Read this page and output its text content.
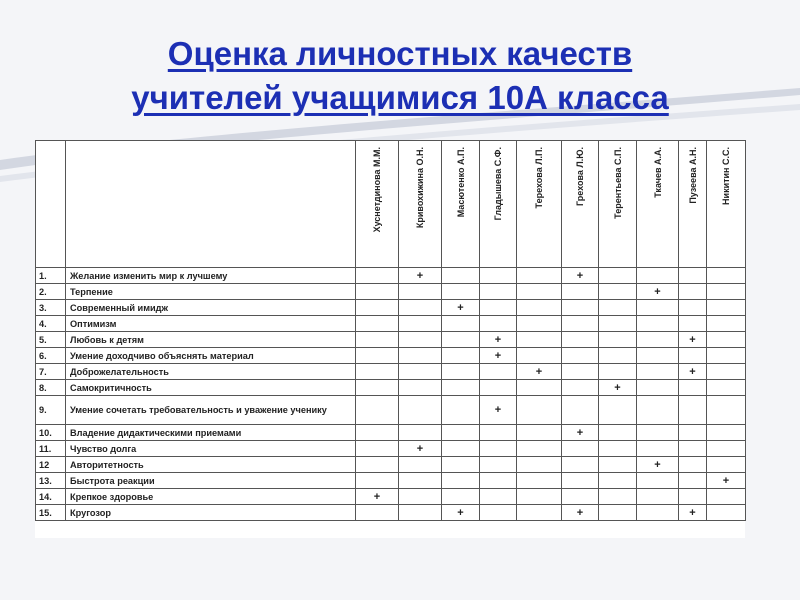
Оценка личностных качеств
учителей учащимися 10А класса

		Хуснетдинова М.М.	Кривохижина О.Н.	Масютенко А.П.	Гладышева С.Ф.	Терехова Л.П.	Грехова Л.Ю.	Терентьева С.П.	Ткачев А.А.	Пузеева А.Н.	Никитин С.С.

1.	Желание изменить мир к лучшему		+				+				
2.	Терпение								+		
3.	Современный имидж			+							
4.	Оптимизм										
5.	Любовь к детям				+					+	
6.	Умение доходчиво объяснять материал				+						
7.	Доброжелательность					+				+	
8.	Самокритичность							+			
9.	Умение сочетать требовательность и уважение ученику				+						
10.	Владение дидактическими приемами						+				
11.	Чувство долга		+								
12	Авторитетность								+		
13.	Быстрота реакции										+
14.	Крепкое здоровье	+									
15.	Кругозор			+			+			+	
